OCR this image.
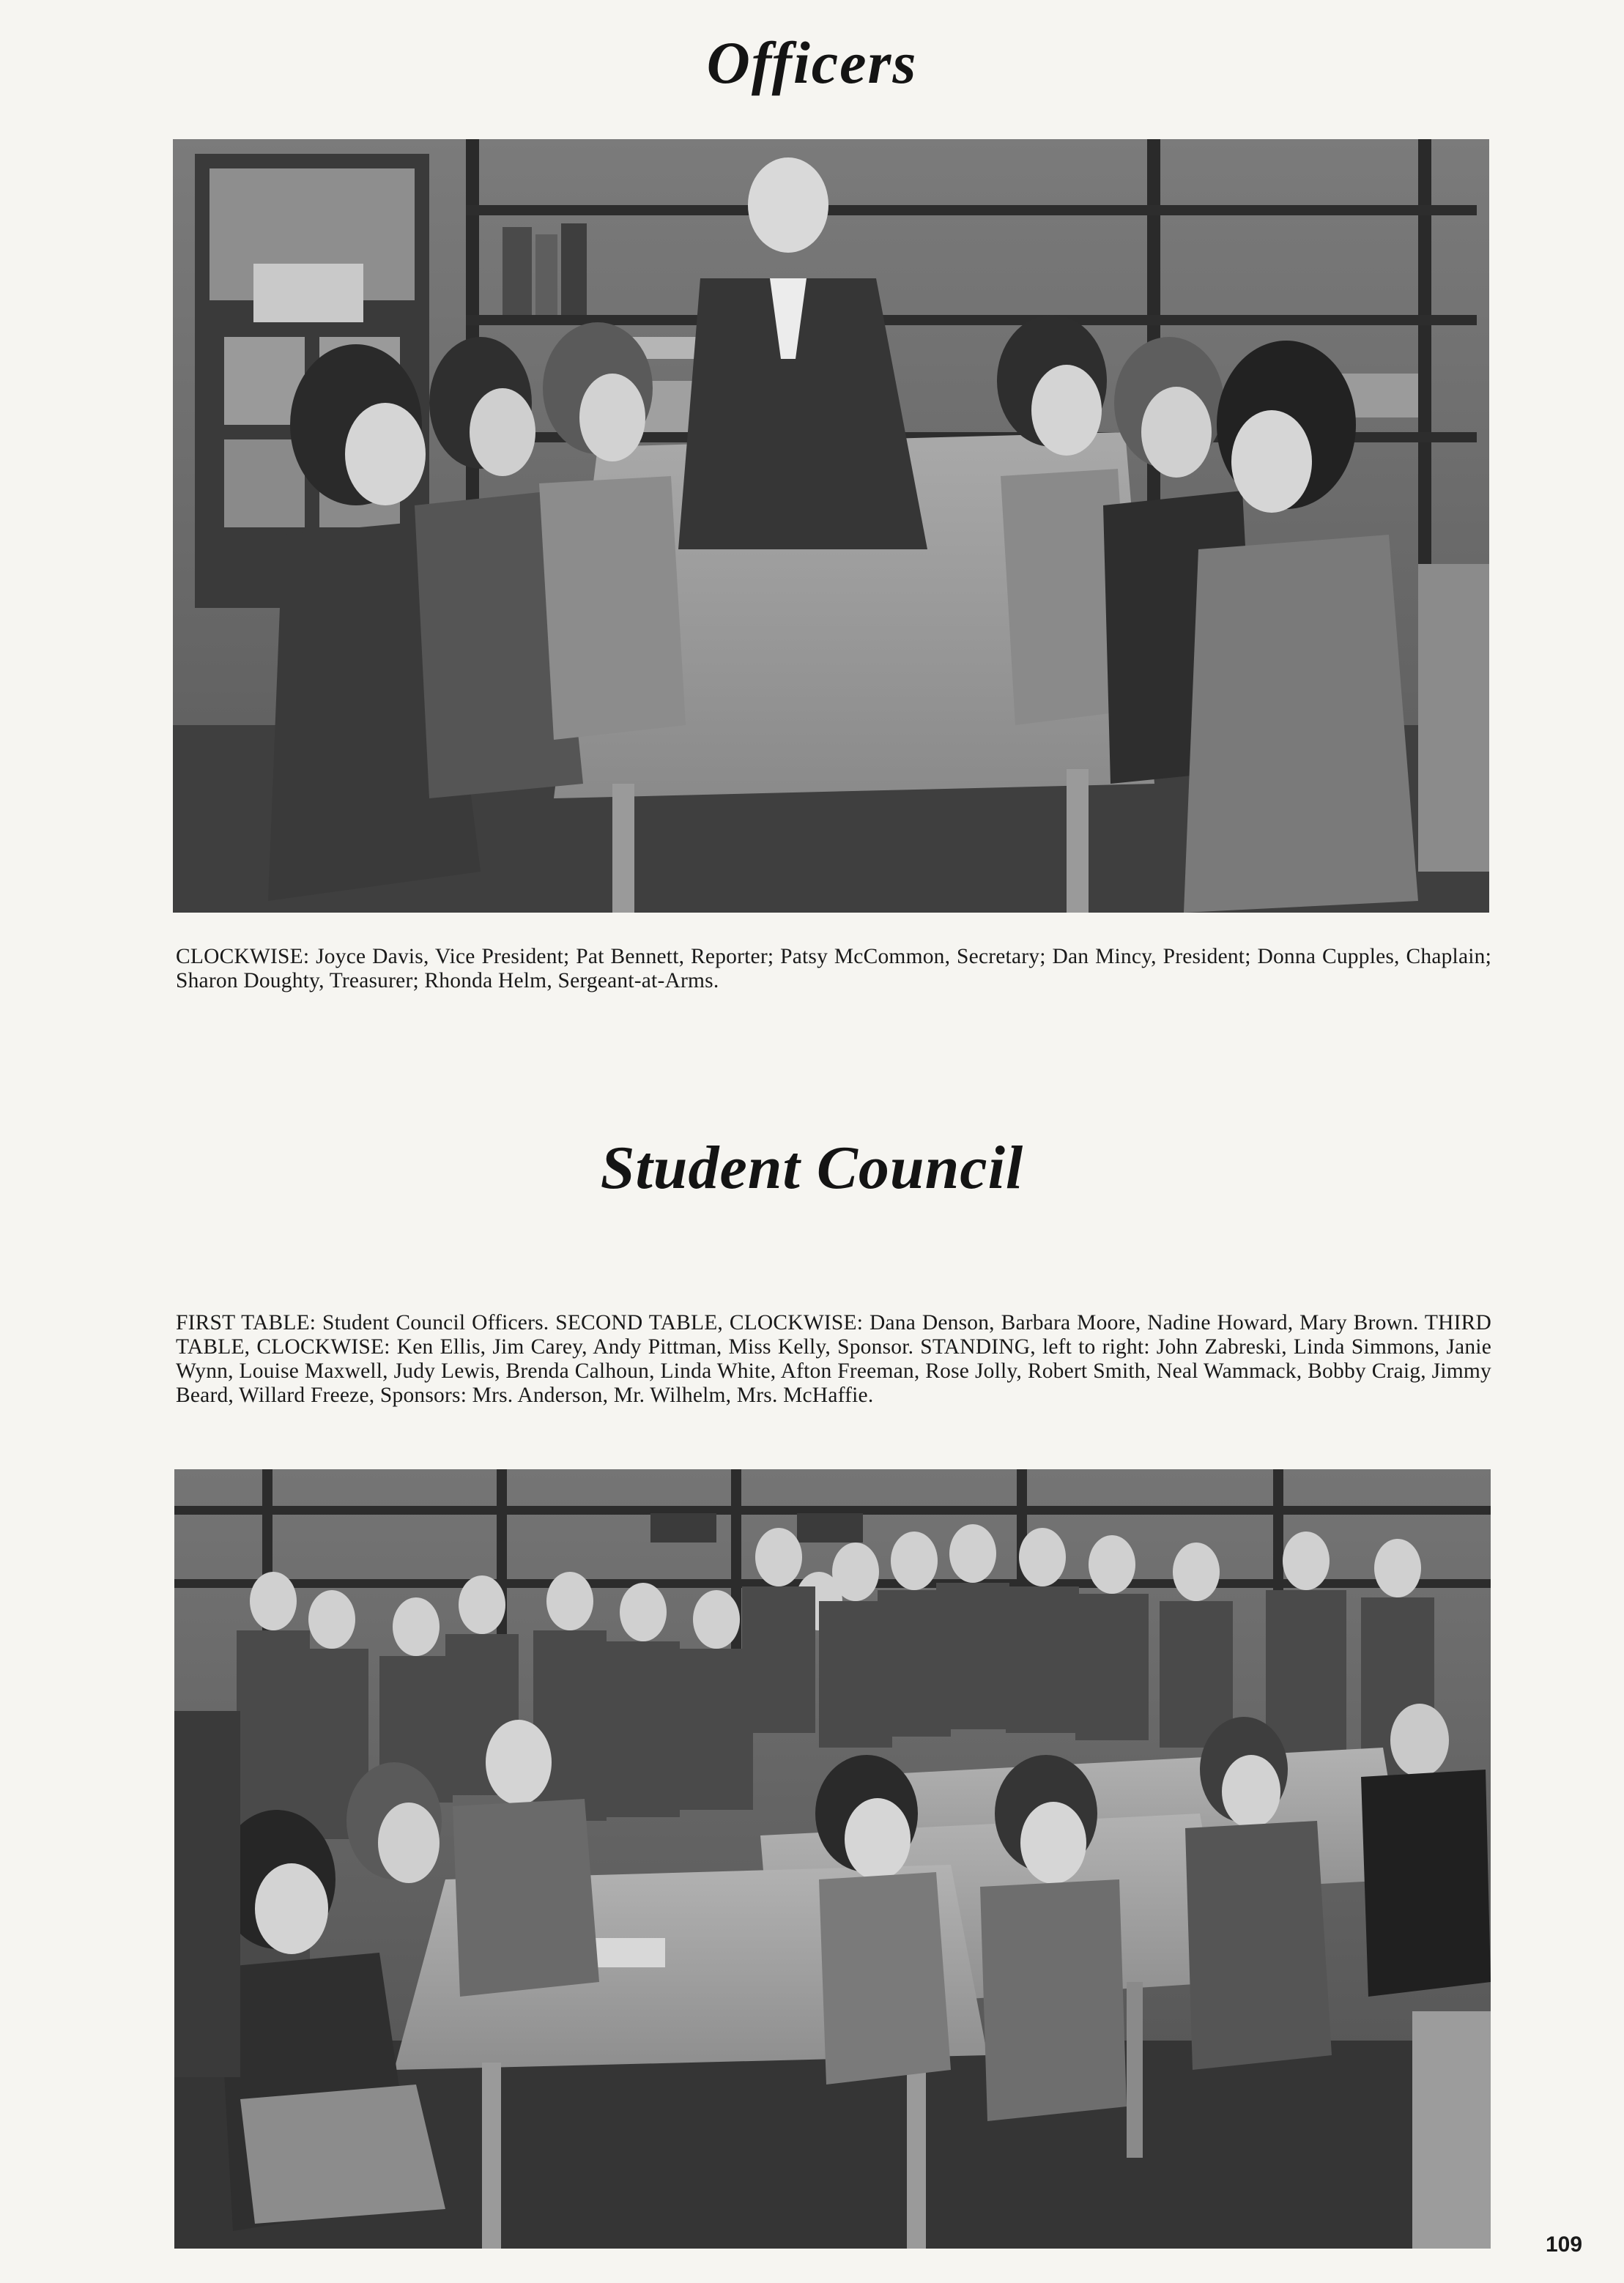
Officers

CLOCKWISE: Joyce Davis, Vice President; Pat Bennett, Reporter; Patsy McCommon, Secretary; Dan Mincy, President; Donna Cupples, Chaplain; Sharon Doughty, Treasurer; Rhonda Helm, Sergeant-at-Arms.

Student Council

FIRST TABLE: Student Council Officers. SECOND TABLE, CLOCKWISE: Dana Denson, Barbara Moore, Nadine Howard, Mary Brown. THIRD TABLE, CLOCKWISE: Ken Ellis, Jim Carey, Andy Pittman, Miss Kelly, Sponsor. STANDING, left to right: John Zabreski, Linda Simmons, Janie Wynn, Louise Maxwell, Judy Lewis, Brenda Calhoun, Linda White, Afton Freeman, Rose Jolly, Robert Smith, Neal Wammack, Bobby Craig, Jimmy Beard, Willard Freeze, Sponsors: Mrs. Anderson, Mr. Wilhelm, Mrs. McHaffie.

109
